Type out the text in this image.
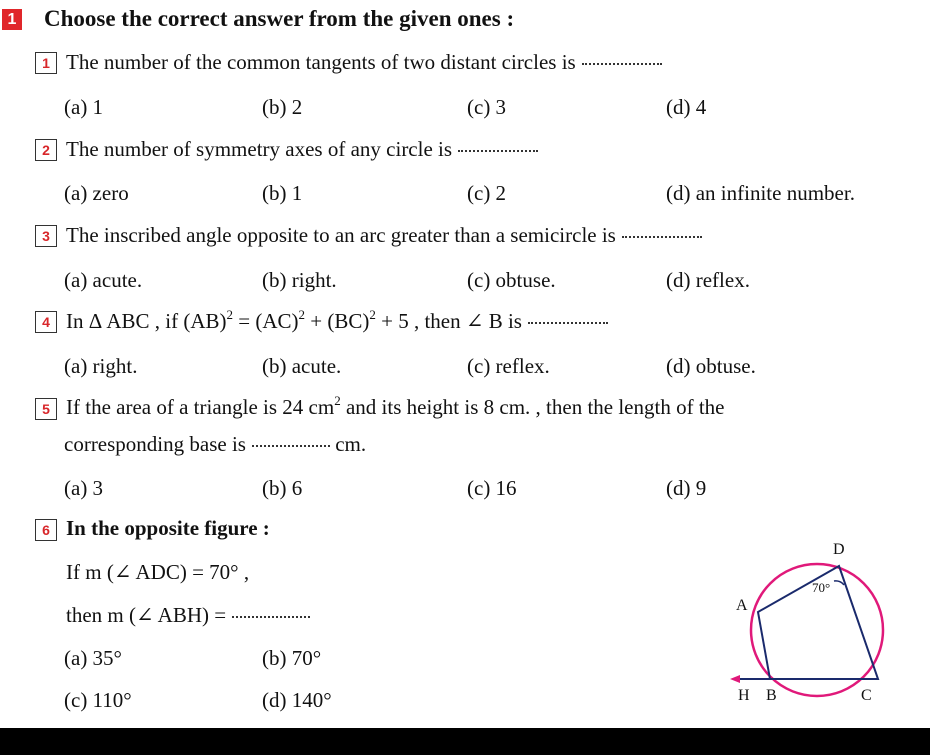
1 Choose the correct answer from the given ones :
1 The number of the common tangents of two distant circles is
(a) 1	(b) 2	(c) 3	(d) 4
2 The number of symmetry axes of any circle is
(a) zero	(b) 1	(c) 2	(d) an infinite number.
3 The inscribed angle opposite to an arc greater than a semicircle is
(a) acute.	(b) right.	(c) obtuse.	(d) reflex.
4 In Δ ABC , if (AB)$^2$ = (AC)$^2$ + (BC)$^2$ + 5 , then ∠ B is
(a) right.	(b) acute.	(c) reflex.	(d) obtuse.
5 If the area of a triangle is 24 $cm^2$ and its height is 8 cm. , then the length of the
corresponding base is	cm.
(a) 3	(b) 6	(c) 16	(d) 9
6 In the opposite figure :
If m (∠ ADC) = 70° ,
then m (∠ ABH) =
(a) 35°	(b) 70°
(c) 110°	(d) 140°
D
A
H B	C
70°
